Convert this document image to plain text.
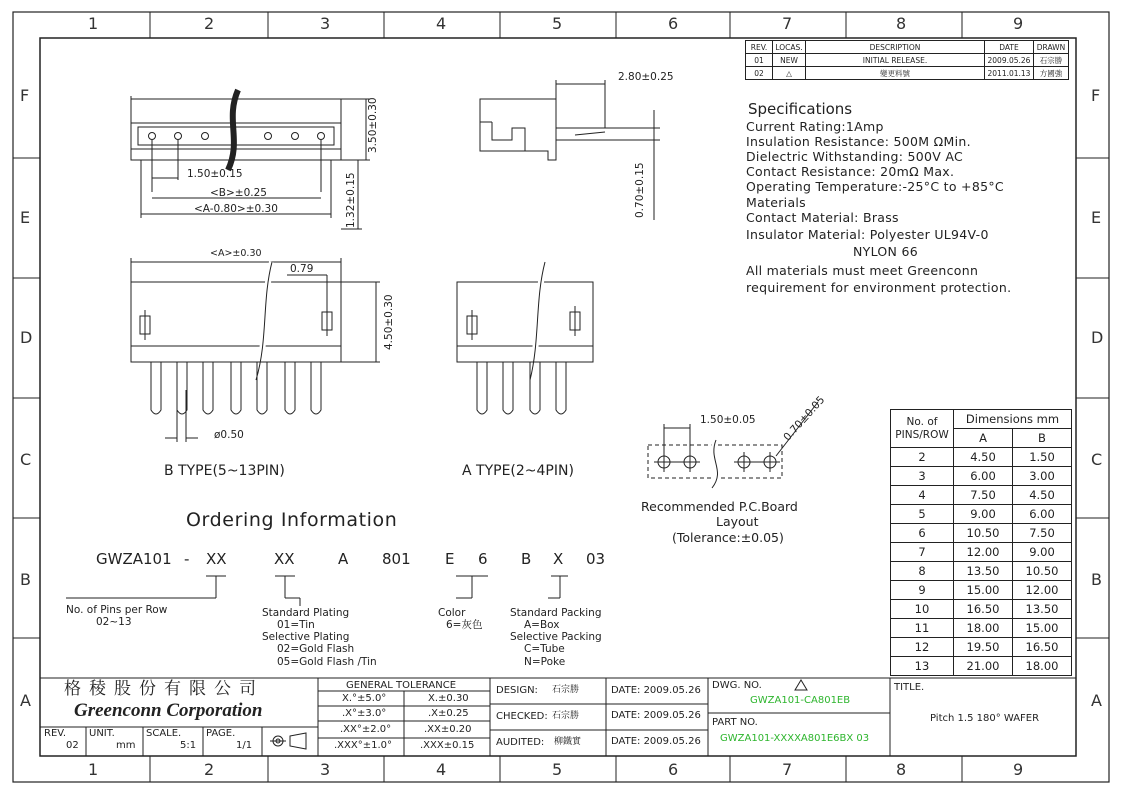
1	2	3	4	5	6	7	8	9
1	2	3	4	5	6	7	8	9
F
E
D
C
B
A
F
E
D
C
B
A
REV.	LOCAS.	DESCRIPTION	DATE	DRAWN
01	NEW	INITIAL RELEASE.	2009.05.26	石宗勝
02	△	變更料號	2011.01.13	方國強
Specifications
Current Rating:1Amp
Insulation Resistance: 500M ΩMin.
Dielectric Withstanding: 500V AC
Contact Resistance: 20mΩ Max.
Operating Temperature:-25°C to +85°C
Materials
Contact Material: Brass
Insulator Material: Polyester UL94V-0
NYLON 66
All materials must meet Greenconn
requirement for environment protection.
1.50±0.15
<B>±0.25
<A-0.80>±0.30
3.50±0.30
1.32±0.15
2.80±0.25
0.70±0.15
<A>±0.30
0.79
4.50±0.30
ø0.50
1.50±0.05 0.70±0.05
B TYPE(5~13PIN)	A TYPE(2~4PIN)
Recommended P.C.Board
Layout
(Tolerance:±0.05)
No. of
PINS/ROW	Dimensions mm	
	A	B
2	4.50	1.50
3	6.00	3.00
4	7.50	4.50
5	9.00	6.00
6	10.50	7.50
7	12.00	9.00
8	13.50	10.50
9	15.00	12.00
10	16.50	13.50
11	18.00	15.00
12	19.50	16.50
13	21.00	18.00
Ordering Information
GWZA101 - XX	XX	A 801 E 6 B X 03
No. of Pins per Row
02~13
Standard Plating
01=Tin
Selective Plating
02=Gold Flash
05=Gold Flash /Tin
Color
6=灰色
Standard Packing
A=Box
Selective Packing
C=Tube
N=Poke
格稜股份有限公司
Greenconn Corporation
REV.
02
UNIT.
mm
SCALE.
5:1
PAGE.
1/1
GENERAL TOLERANCE
X.°±5.0°	X.±0.30
.X°±3.0°	.X±0.25
.XX°±2.0°	.XX±0.20
.XXX°±1.0°	.XXX±0.15
DESIGN: 石宗勝
CHECKED: 石宗勝
AUDITED: 柳鐵實
DATE: 2009.05.26
DATE: 2009.05.26
DATE: 2009.05.26
DWG. NO.
GWZA101-CA801EB
PART NO.
GWZA101-XXXXA801E6BX 03
TITLE.
Pitch 1.5 180° WAFER
